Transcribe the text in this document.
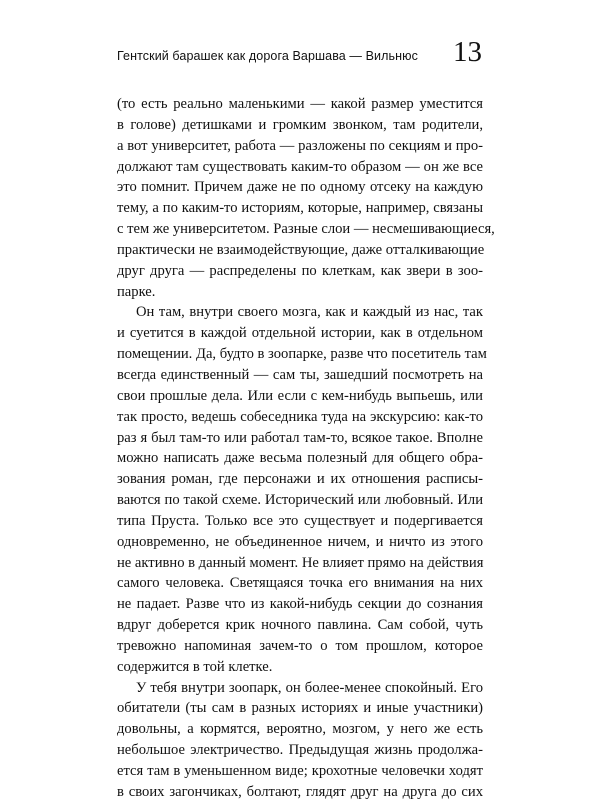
Гентский барашек как дорога Варшава — Вильнюс 13
(то есть реально маленькими — какой размер уместится
в голове) детишками и громким звонком, там родители,
а вот университет, работа — разложены по секциям и про-
должают там существовать каким-то образом — он же все
это помнит. Причем даже не по одному отсеку на каждую
тему, а по каким-то историям, которые, например, связаны
с тем же университетом. Разные слои — несмешивающиеся,
практически не взаимодействующие, даже отталкивающие
друг друга — распределены по клеткам, как звери в зоо-
парке.
Он там, внутри своего мозга, как и каждый из нас, так
и суетится в каждой отдельной истории, как в отдельном
помещении. Да, будто в зоопарке, разве что посетитель там
всегда единственный — сам ты, зашедший посмотреть на
свои прошлые дела. Или если с кем-нибудь выпьешь, или
так просто, ведешь собеседника туда на экскурсию: как-то
раз я был там-то или работал там-то, всякое такое. Вполне
можно написать даже весьма полезный для общего обра-
зования роман, где персонажи и их отношения расписы-
ваются по такой схеме. Исторический или любовный. Или
типа Пруста. Только все это существует и подергивается
одновременно, не объединенное ничем, и ничто из этого
не активно в данный момент. Не влияет прямо на действия
самого человека. Светящаяся точка его внимания на них
не падает. Разве что из какой-нибудь секции до сознания
вдруг доберется крик ночного павлина. Сам собой, чуть
тревожно напоминая зачем-то о том прошлом, которое
содержится в той клетке.
У тебя внутри зоопарк, он более-менее спокойный. Его
обитатели (ты сам в разных историях и иные участники)
довольны, а кормятся, вероятно, мозгом, у него же есть
небольшое электричество. Предыдущая жизнь продолжа-
ется там в уменьшенном виде; крохотные человечки ходят
в своих загончиках, болтают, глядят друг на друга до сих
